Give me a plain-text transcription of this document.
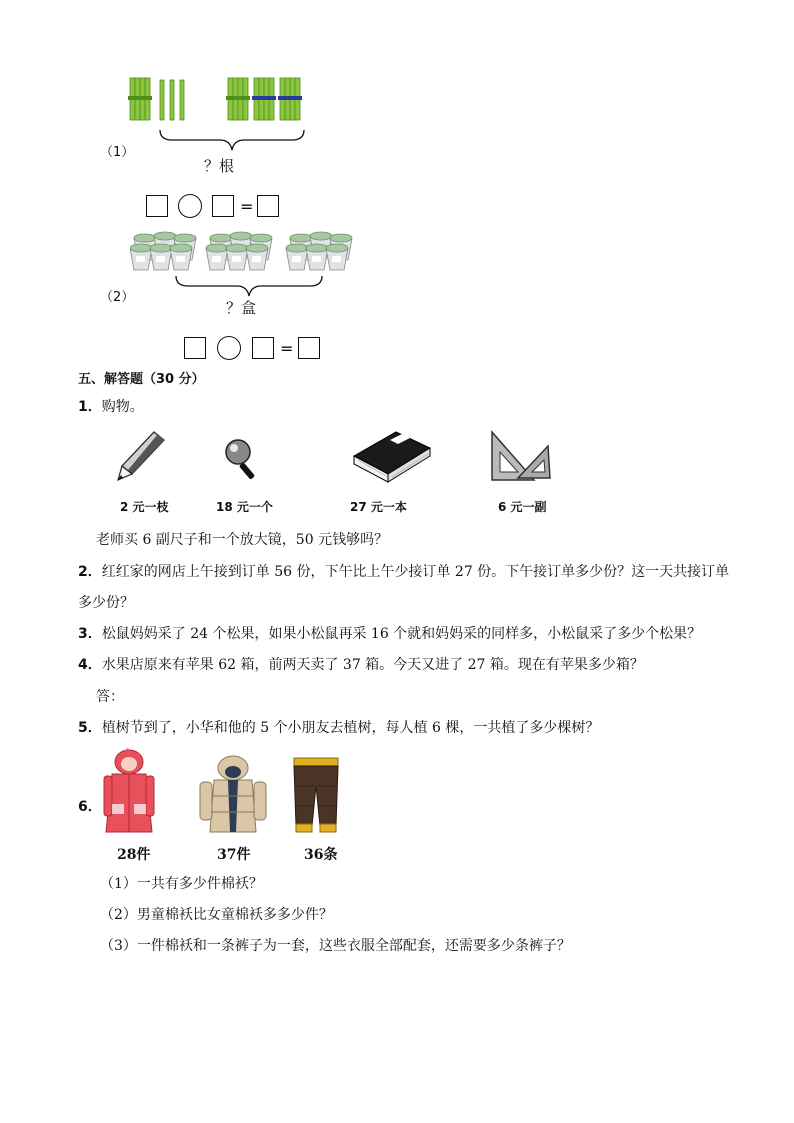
（1）
？根
=
（2）
？盒
=
五、解答题（30 分）
1．购物。
2 元一枝	18 元一个	27 元一本	6 元一副
老师买 6 副尺子和一个放大镜，50 元钱够吗？
2．红红家的网店上午接到订单 56 份，下午比上午少接订单 27 份。下午接订单多少份？这一天共接订单
多少份？
3．松鼠妈妈采了 24 个松果，如果小松鼠再采 16 个就和妈妈采的同样多，小松鼠采了多少个松果？
4．水果店原来有苹果 62 箱，前两天卖了 37 箱。今天又进了 27 箱。现在有苹果多少箱？
答：
5．植树节到了，小华和他的 5 个小朋友去植树，每人植 6 棵，一共植了多少棵树？
6．
28件	37件	36条
（1）一共有多少件棉袄？
（2）男童棉袄比女童棉袄多多少件？
（3）一件棉袄和一条裤子为一套，这些衣服全部配套，还需要多少条裤子？
